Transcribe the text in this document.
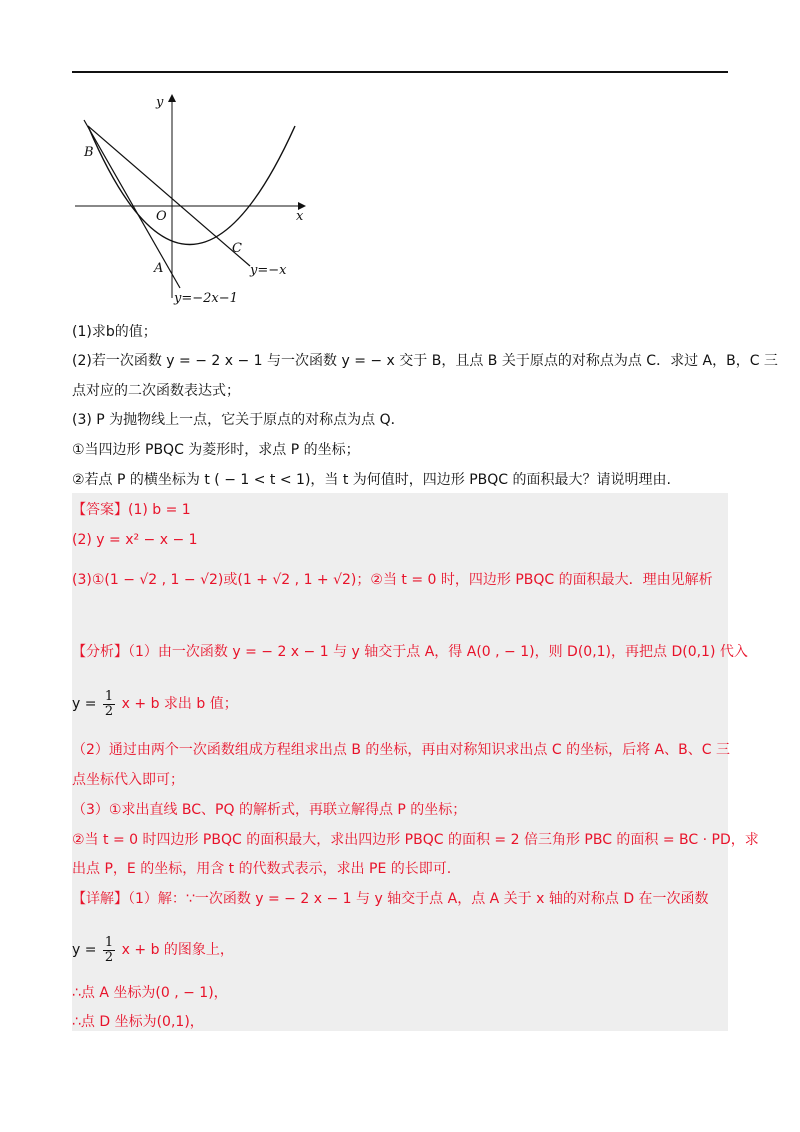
y
x
O
B
A
C
y=−x
y=−2x−1
(1)求b的值；
(2)若一次函数 y = − 2 x − 1 与一次函数 y = − x 交于 B，且点 B 关于原点的对称点为点 C．求过 A，B，C 三
点对应的二次函数表达式；
(3) P 为抛物线上一点，它关于原点的对称点为点 Q．
①当四边形 PBQC 为菱形时，求点 P 的坐标；
②若点 P 的横坐标为 t ( − 1 < t < 1)，当 t 为何值时，四边形 PBQC 的面积最大？请说明理由.
【答案】(1) b = 1
(2) y = x² − x − 1
(3)①(1 − √2 , 1 − √2)或(1 + √2 , 1 + √2)；②当 t = 0 时，四边形 PBQC 的面积最大．理由见解析
【分析】（1）由一次函数 y = − 2 x − 1 与 y 轴交于点 A，得 A(0 , − 1)，则 D(0,1)，再把点 D(0,1) 代入
$y = \frac{1}{2}$ x + b 求出 b 值；
（2）通过由两个一次函数组成方程组求出点 B 的坐标，再由对称知识求出点 C 的坐标，后将 A、B、C 三
点坐标代入即可；
（3）①求出直线 BC、PQ 的解析式，再联立解得点 P 的坐标；
②当 t = 0 时四边形 PBQC 的面积最大，求出四边形 PBQC 的面积 = 2 倍三角形 PBC 的面积 = BC · PD，求
出点 P，E 的坐标，用含 t 的代数式表示，求出 PE 的长即可.
【详解】（1）解：∵一次函数 y = − 2 x − 1 与 y 轴交于点 A，点 A 关于 x 轴的对称点 D 在一次函数
$y = \frac{1}{2}$ x + b 的图象上，
∴点 A 坐标为(0 , − 1)，
∴点 D 坐标为(0,1)，
